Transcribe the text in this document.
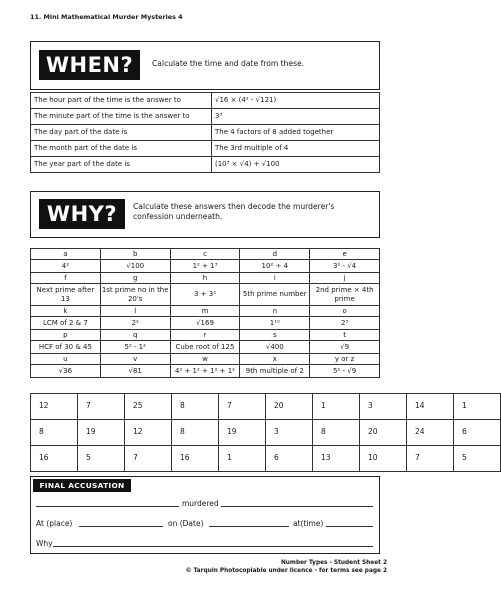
11. Mini Mathematical Murder Mysteries 4
WHEN?	Calculate the time and date from these.
The hour part of the time is the answer to	√16 × (4² - √121)
The minute part of the time is the answer to	3³
The day part of the date is	The 4 factors of 8 added together
The month part of the date is	The 3rd multiple of 4
The year part of the date is	(10³ × √4) + √100
WHY?	Calculate these answers then decode the murderer's confession underneath.
a	b	c	d	e
4²	√100	1² + 1³	10² ÷ 4	3² - √4
f	g	h	i	j
Next prime after 13	1st prime no in the 20's	3 + 3²	5th prime number	2nd prime × 4th prime
k	l	m	n	o
LCM of 2 & 7	2²	√169	1¹⁰	2³
p	q	r	s	t
HCF of 30 & 45	5² - 1²	Cube root of 125	√400	√9
u	v	w	x	y or z
√36	√81	4² + 1² + 1² + 1²	9th multiple of 2	5² - √9
12	7	25	8	7	20	1	3	14	1
8	19	12	8	19	3	8	20	24	6
16	5	7	16	1	6	13	10	7	5
FINAL ACCUSATION
murdered
At (place)	on (Date)	at(time)
Why
Number Types - Student Sheet 2
© Tarquin Photocopiable under licence - for terms see page 2
